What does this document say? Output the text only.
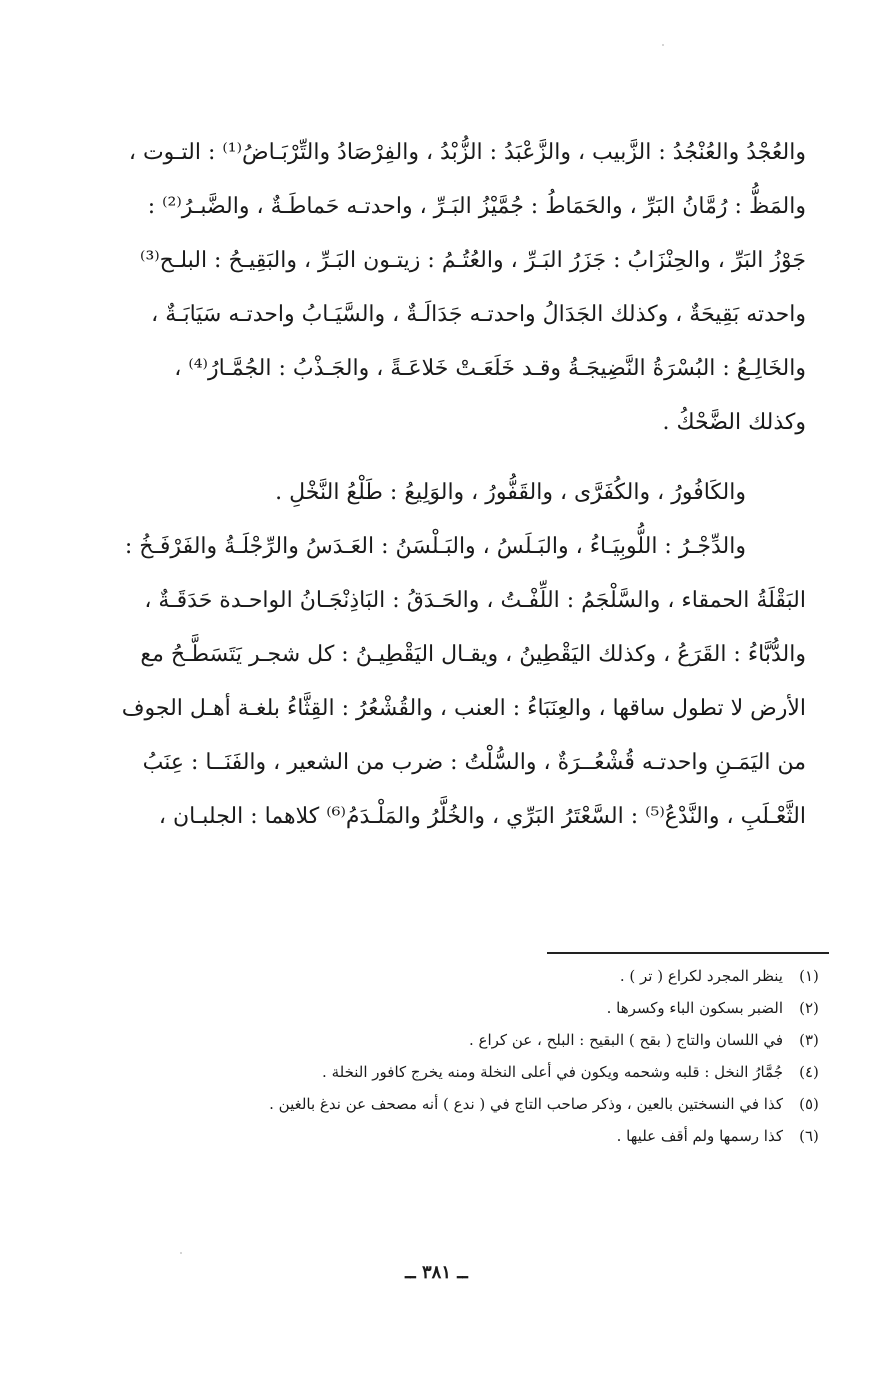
والعُجْدُ والعُنْجُدُ : الزَّبيب ، والزَّعْبَدُ : الزُّبْدُ ، والفِرْصَادُ والتِّرْبَـاضُ⁽¹⁾ : التـوت ،
والمَظُّ : رُمَّانُ البَرِّ ، والحَمَاطُ : جُمَّيْزُ البَـرِّ ، واحدتـه حَماطَـةٌ ، والضَّبـرُ⁽²⁾ :
جَوْزُ البَرِّ ، والحِنْزَابُ : جَزَرُ البَـرِّ ، والعُتُـمُ : زيتـون البَـرِّ ، والبَقِيـحُ : البلـح⁽³⁾
واحدته بَقِيحَةٌ ، وكذلك الجَدَالُ واحدتـه جَدَالَـةٌ ، والسَّيَـابُ واحدتـه سَيَابَـةٌ ،
والخَالِـعُ : البُسْرَةُ النَّضِيجَـةُ وقـد خَلَعَـتْ خَلاعَـةً ، والجَـذْبُ : الجُمَّـارُ⁽⁴⁾ ،
وكذلك الضَّحْكُ .
والكَافُورُ ، والكُفَرَّى ، والقَفُّورُ ، والوَلِيعُ : طَلْعُ النَّخْلِ .
والدِّجْـرُ : اللُّوبِيَـاءُ ، والبَـلَسُ ، والبَـلْسَنُ : العَـدَسُ والرِّجْلَـةُ والفَرْفَـخُ :
البَقْلَةُ الحمقاء ، والسَّلْجَمُ : اللِّفْـتُ ، والحَـدَقُ : البَاذِنْجَـانُ الواحـدة حَدَقَـةٌ ،
والدُّبَّاءُ : القَرَعُ ، وكذلك اليَقْطِينُ ، ويقـال اليَقْطِيـنُ : كل شجـر يَتَسَطَّـحُ مع
الأرض لا تطول ساقها ، والعِنَبَاءُ : العنب ، والقُشْعُرُ : القِثَّاءُ بلغـة أهـل الجوف
من اليَمَـنِ واحدتـه قُشْعُــرَةٌ ، والسُّلْتُ : ضرب من الشعير ، والفَنَــا : عِنَبُ
الثَّعْـلَبِ ، والنَّدْعُ⁽⁵⁾ : السَّعْتَرُ البَرِّي ، والخُلَّرُ والمَلْـدَمُ⁽⁶⁾ كلاهما : الجلبـان ،
(١)
ينظر المجرد لكراع ( تر ) .
(٢)
الضبر بسكون الباء وكسرها .
(٣)
في اللسان والتاج ( بقح ) البقيح : البلح ، عن كراع .
(٤)
جُمَّارُ النخل : قلبه وشحمه ويكون في أعلى النخلة ومنه يخرج كافور النخلة .
(٥)
كذا في النسختين بالعين ، وذكر صاحب التاج في ( ندع ) أنه مصحف عن ندغ بالغين .
(٦)
كذا رسمها ولم أقف عليها .
ــ ٣٨١ ــ
